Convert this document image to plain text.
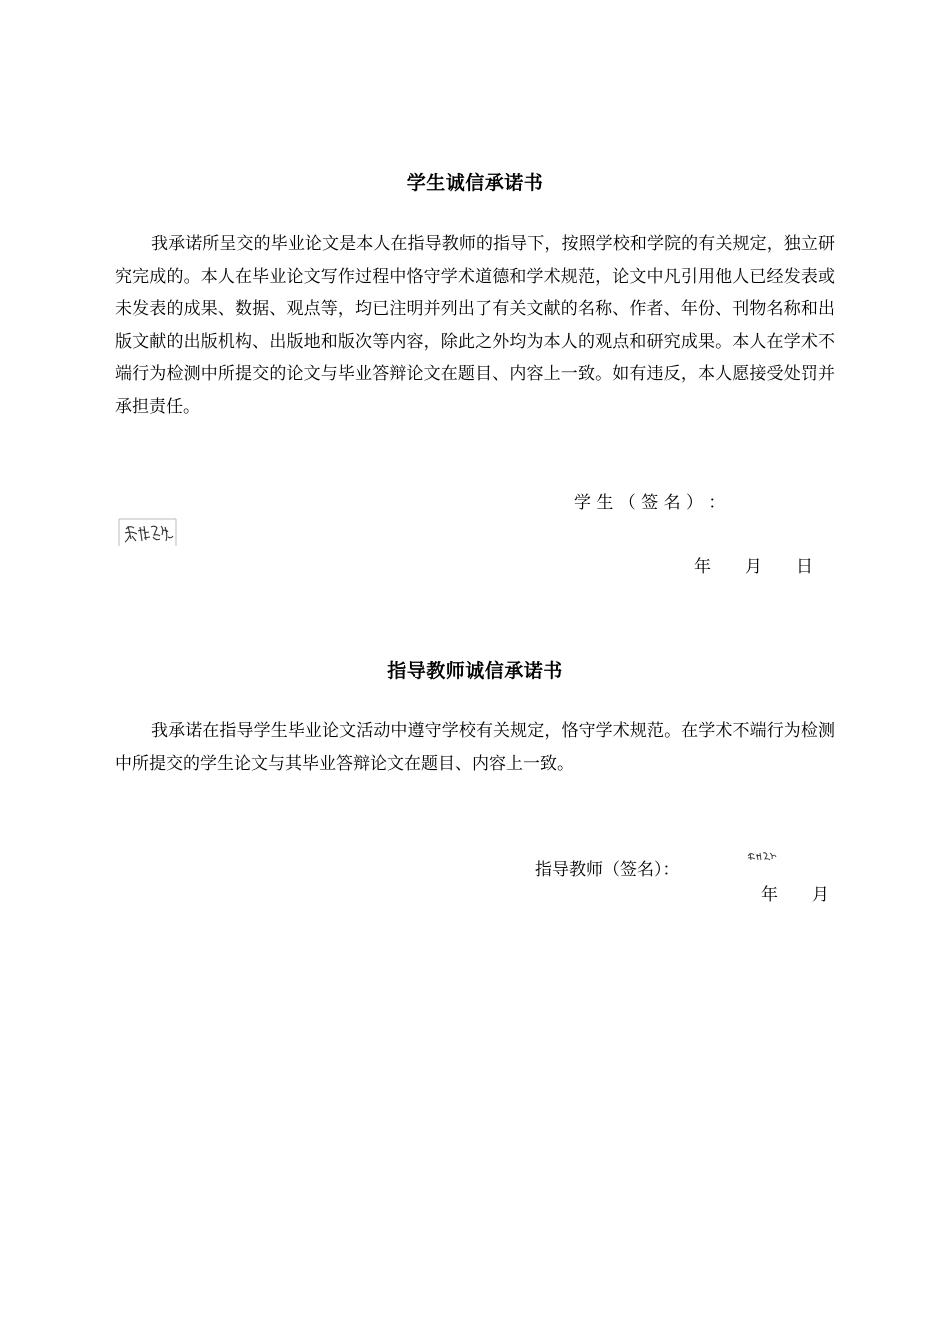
学生诚信承诺书

我承诺所呈交的毕业论文是本人在指导教师的指导下，按照学校和学院的有关规定，独立研究完成的。本人在毕业论文写作过程中恪守学术道德和学术规范，论文中凡引用他人已经发表或未发表的成果、数据、观点等，均已注明并列出了有关文献的名称、作者、年份、刊物名称和出版文献的出版机构、出版地和版次等内容，除此之外均为本人的观点和研究成果。本人在学术不端行为检测中所提交的论文与毕业答辩论文在题目、内容上一致。如有违反，本人愿接受处罚并承担责任。

学 生 （ 签 名 ） ：
年　　月　　日
指导教师诚信承诺书

我承诺在指导学生毕业论文活动中遵守学校有关规定，恪守学术规范。在学术不端行为检测中所提交的学生论文与其毕业答辩论文在题目、内容上一致。

指导教师（签名）：
年　　月
